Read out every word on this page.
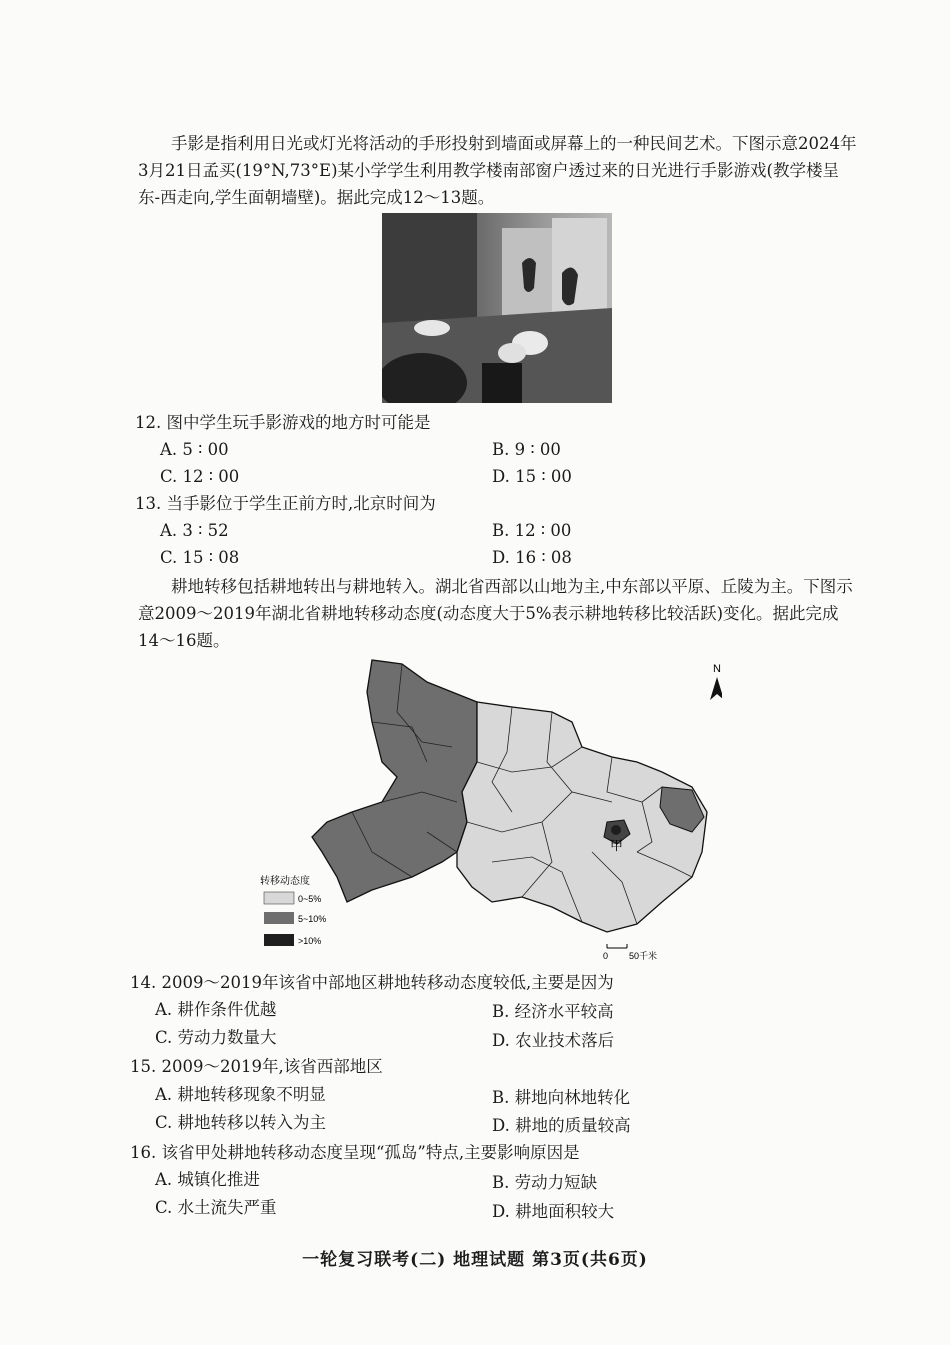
手影是指利用日光或灯光将活动的手形投射到墙面或屏幕上的一种民间艺术。下图示意2024年3月21日孟买(19°N,73°E)某小学学生利用教学楼南部窗户透过来的日光进行手影游戏(教学楼呈东-西走向,学生面朝墙壁)。据此完成12～13题。

12. 图中学生玩手影游戏的地方时可能是
A. 5 ∶ 00	B. 9 ∶ 00
C. 12 ∶ 00	D. 15 ∶ 00
13. 当手影位于学生正前方时,北京时间为
A. 3 ∶ 52	B. 12 ∶ 00
C. 15 ∶ 08	D. 16 ∶ 08

耕地转移包括耕地转出与耕地转入。湖北省西部以山地为主,中东部以平原、丘陵为主。下图示意2009～2019年湖北省耕地转移动态度(动态度大于5%表示耕地转移比较活跃)变化。据此完成14～16题。

甲
N
转移动态度
0~5%
5~10%
>10%
0 50千米
14. 2009～2019年该省中部地区耕地转移动态度较低,主要是因为
A. 耕作条件优越	B. 经济水平较高
C. 劳动力数量大	D. 农业技术落后
15. 2009～2019年,该省西部地区
A. 耕地转移现象不明显	B. 耕地向林地转化
C. 耕地转移以转入为主	D. 耕地的质量较高
16. 该省甲处耕地转移动态度呈现“孤岛”特点,主要影响原因是
A. 城镇化推进	B. 劳动力短缺
C. 水土流失严重	D. 耕地面积较大
一轮复习联考(二) 地理试题 第3页(共6页)
